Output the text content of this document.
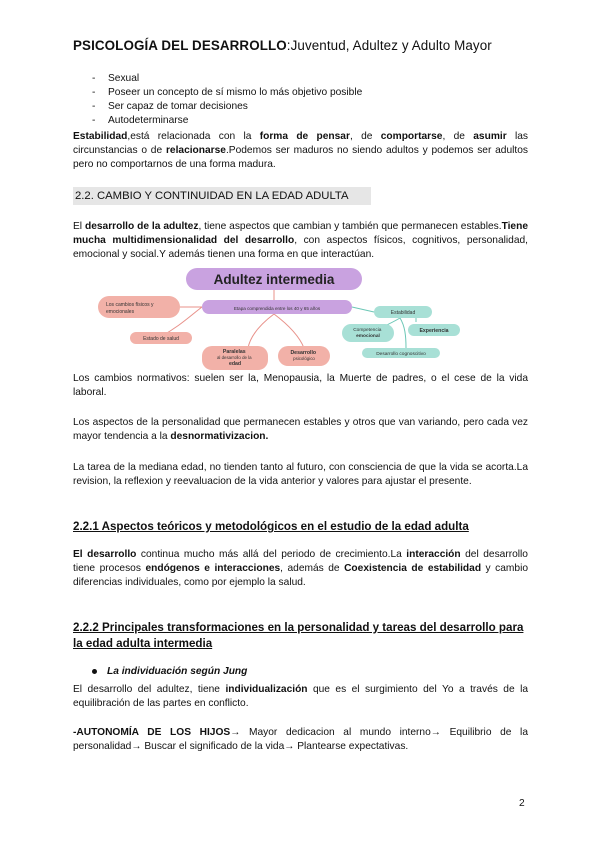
PSICOLOGÍA DEL DESARROLLO:Juventud, Adultez y Adulto Mayor
- Sexual
- Poseer un concepto de sí mismo lo más objetivo posible
- Ser capaz de tomar decisiones
- Autodeterminarse
Estabilidad,está relacionada con la forma de pensar, de comportarse, de asumir las circunstancias o de relacionarse.Podemos ser maduros no siendo adultos y podemos ser adultos pero no comportarnos de una forma madura.
2.2. CAMBIO Y CONTINUIDAD EN LA EDAD ADULTA
El desarrollo de la adultez, tiene aspectos que cambian y también que permanecen estables.Tiene mucha multidimensionalidad del desarrollo, con aspectos físicos, cognitivos, personalidad, emocional y social.Y además tienen una forma en que interactúan.
Adultez intermedia
Etapa comprendida entre los 40 y 65 años
Los cambios físicos y emocionales
Estado de salud
Paralelas al desarrollo de la edad
Desarrollo psicológico
Estabilidad
Competencia emocional
Experiencia
Desarrollo cognoscitivo
Los cambios normativos: suelen ser la, Menopausia, la Muerte de padres, o el cese de la vida laboral.
Los aspectos de la personalidad que permanecen estables y otros que van variando, pero cada vez mayor tendencia a la desnormativizacion.
La tarea de la mediana edad, no tienden tanto al futuro, con consciencia de que la vida se acorta.La revision, la reflexion y reevaluacion de la vida anterior y valores para ajustar el presente.
2.2.1 Aspectos teóricos y metodológicos en el estudio de la edad adulta
El desarrollo continua mucho más allá del periodo de crecimiento.La interacción del desarrollo tiene procesos endógenos e interacciones, además de Coexistencia de estabilidad y cambio diferencias individuales, como por ejemplo la salud.
2.2.2 Principales transformaciones en la personalidad y tareas del desarrollo para la edad adulta intermedia
La individuación según Jung
El desarrollo del adultez, tiene individualización que es el surgimiento del Yo a través de la equilibración de las partes en conflicto.
-AUTONOMÍA DE LOS HIJOS→ Mayor dedicacion al mundo interno→ Equilibrio de la personalidad→ Buscar el significado de la vida→ Plantearse expectativas.
2
